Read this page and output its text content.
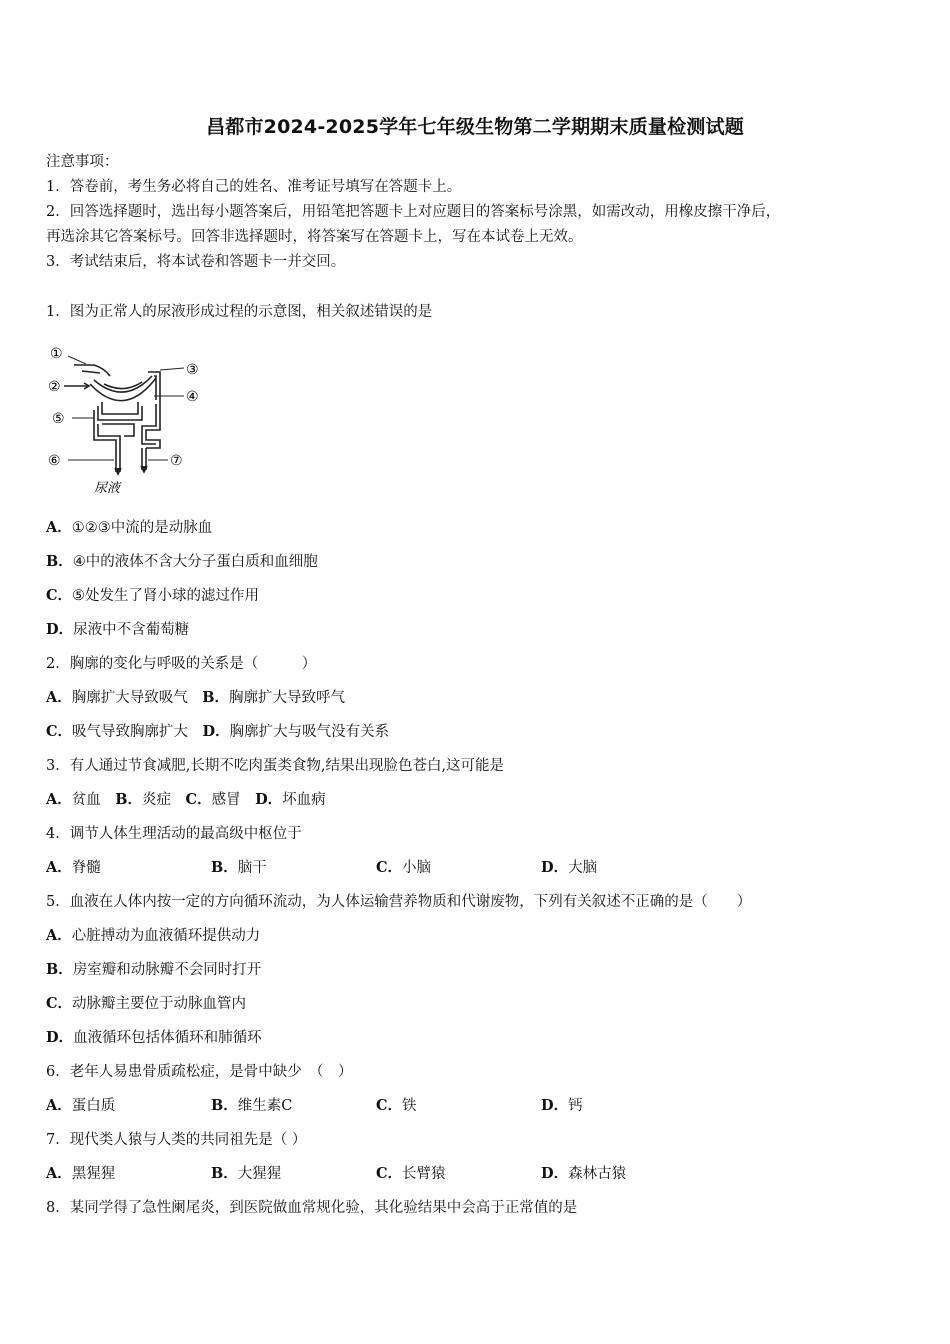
昌都市2024-2025学年七年级生物第二学期期末质量检测试题
注意事项：
1．答卷前，考生务必将自己的姓名、准考证号填写在答题卡上。
2．回答选择题时，选出每小题答案后，用铅笔把答题卡上对应题目的答案标号涂黑，如需改动，用橡皮擦干净后，
再选涂其它答案标号。回答非选择题时，将答案写在答题卡上，写在本试卷上无效。
3．考试结束后，将本试卷和答题卡一并交回。
1．图为正常人的尿液形成过程的示意图，相关叙述错误的是
①
②
③
④
⑤
⑥	⑦
尿液
A．①②③中流的是动脉血
B．④中的液体不含大分子蛋白质和血细胞
C．⑤处发生了肾小球的滤过作用
D．尿液中不含葡萄糖
2．胸廓的变化与呼吸的关系是（　　　）
A．胸廓扩大导致吸气　B．胸廓扩大导致呼气
C．吸气导致胸廓扩大　D．胸廓扩大与吸气没有关系
3．有人通过节食减肥,长期不吃肉蛋类食物,结果出现脸色苍白,这可能是
A．贫血　B．炎症　C．感冒　D．坏血病
4．调节人体生理活动的最高级中枢位于
A．脊髓	B．脑干	C．小脑	D．大脑
5．血液在人体内按一定的方向循环流动，为人体运输营养物质和代谢废物，下列有关叙述不正确的是（　　）
A．心脏搏动为血液循环提供动力
B．房室瓣和动脉瓣不会同时打开
C．动脉瓣主要位于动脉血管内
D．血液循环包括体循环和肺循环
6．老年人易患骨质疏松症，是骨中缺少　（　）
A．蛋白质	B．维生素C	C．铁	D．钙
7．现代类人猿与人类的共同祖先是（ ）
A．黑猩猩	B．大猩猩	C．长臂猿	D．森林古猿
8．某同学得了急性阑尾炎，到医院做血常规化验，其化验结果中会高于正常值的是
